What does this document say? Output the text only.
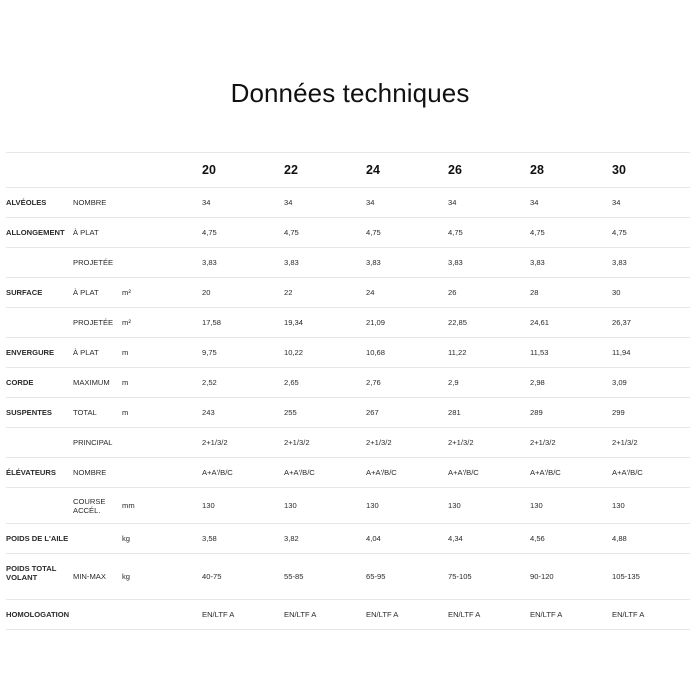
Données techniques
			20	22	24	26	28	30
ALVÉOLES	NOMBRE		34	34	34	34	34	34
ALLONGEMENT	À PLAT		4,75	4,75	4,75	4,75	4,75	4,75
	PROJETÉE		3,83	3,83	3,83	3,83	3,83	3,83
SURFACE	À PLAT	m²	20	22	24	26	28	30
	PROJETÉE	m²	17,58	19,34	21,09	22,85	24,61	26,37
ENVERGURE	À PLAT	m	9,75	10,22	10,68	11,22	11,53	11,94
CORDE	MAXIMUM	m	2,52	2,65	2,76	2,9	2,98	3,09
SUSPENTES	TOTAL	m	243	255	267	281	289	299
	PRINCIPAL		2+1/3/2	2+1/3/2	2+1/3/2	2+1/3/2	2+1/3/2	2+1/3/2
ÉLÉVATEURS	NOMBRE		A+A'/B/C	A+A'/B/C	A+A'/B/C	A+A'/B/C	A+A'/B/C	A+A'/B/C
	COURSE ACCÉL.	mm	130	130	130	130	130	130
POIDS DE L'AILE		kg	3,58	3,82	4,04	4,34	4,56	4,88
POIDS TOTAL VOLANT	MIN-MAX	kg	40-75	55-85	65-95	75-105	90-120	105-135
HOMOLOGATION			EN/LTF A	EN/LTF A	EN/LTF A	EN/LTF A	EN/LTF A	EN/LTF A
